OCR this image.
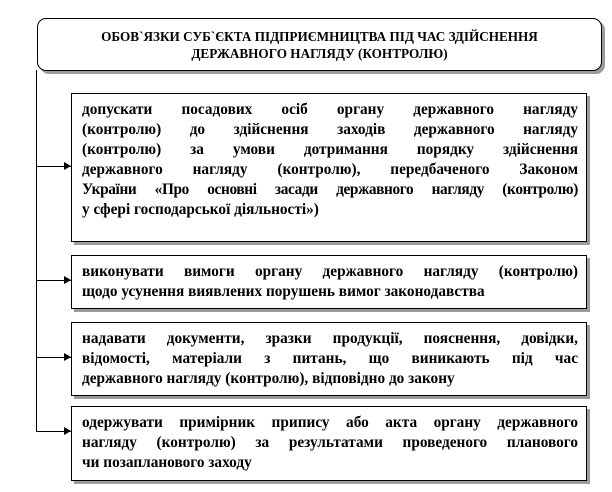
ОБОВ`ЯЗКИ СУБ`ЄКТА ПІДПРИЄМНИЦТВА ПІД ЧАС ЗДІЙСНЕННЯ
ДЕРЖАВНОГО НАГЛЯДУ (КОНТРОЛЮ)
допускати посадових осіб органу державного нагляду
(контролю) до здійснення заходів державного нагляду
(контролю) за умови дотримання порядку здійснення
державного нагляду (контролю), передбаченого Законом
України «Про основні засади державного нагляду (контролю)
у сфері господарської діяльності»)
виконувати вимоги органу державного нагляду (контролю)
щодо усунення виявлених порушень вимог законодавства
надавати документи, зразки продукції, пояснення, довідки,
відомості, матеріали з питань, що виникають під час
державного нагляду (контролю), відповідно до закону
одержувати примірник припису або акта органу державного
нагляду (контролю) за результатами проведеного планового
чи позапланового заходу
